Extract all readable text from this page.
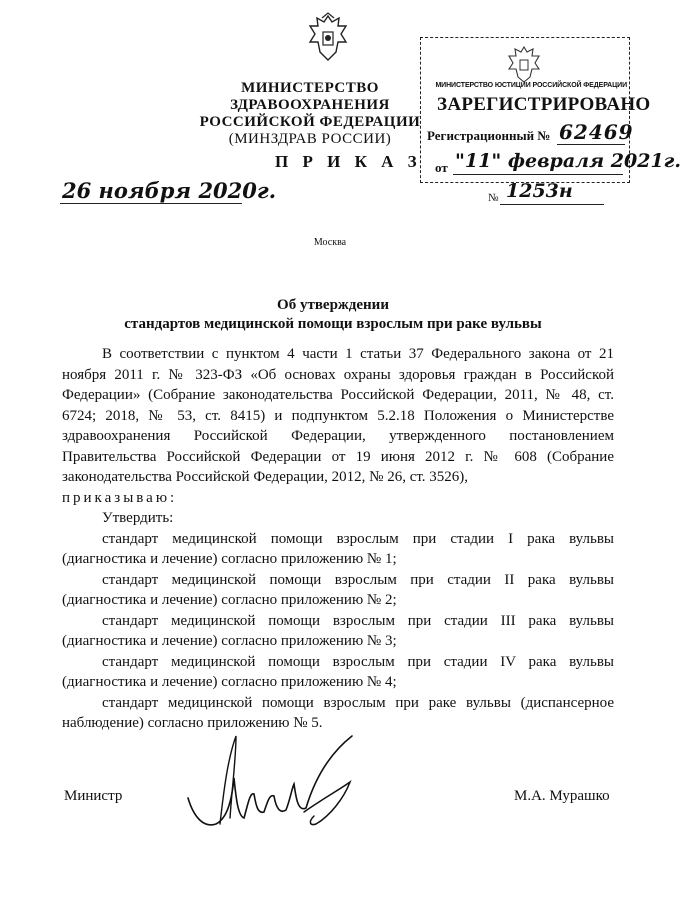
МИНИСТЕРСТВО ЗДРАВООХРАНЕНИЯ
РОССИЙСКОЙ ФЕДЕРАЦИИ
(МИНЗДРАВ РОССИИ)
МИНИСТЕРСТВО ЮСТИЦИИ РОССИЙСКОЙ ФЕДЕРАЦИИ
ЗАРЕГИСТРИРОВАНО
Регистрационный № 62469
от "11" февраля 2021г.
П Р И К А З
26 ноября 2020г.	№ 1253н
Москва
Об утверждении
стандартов медицинской помощи взрослым при раке вульвы

В соответствии с пунктом 4 части 1 статьи 37 Федерального закона от 21 ноября 2011 г. № 323-ФЗ «Об основах охраны здоровья граждан в Российской Федерации» (Собрание законодательства Российской Федерации, 2011, № 48, ст. 6724; 2018, № 53, ст. 8415) и подпунктом 5.2.18 Положения о Министерстве здравоохранения Российской Федерации, утвержденного постановлением Правительства Российской Федерации от 19 июня 2012 г. № 608 (Собрание законодательства Российской Федерации, 2012, № 26, ст. 3526),

приказываю:

Утвердить:

стандарт медицинской помощи взрослым при стадии I рака вульвы (диагностика и лечение) согласно приложению № 1;

стандарт медицинской помощи взрослым при стадии II рака вульвы (диагностика и лечение) согласно приложению № 2;

стандарт медицинской помощи взрослым при стадии III рака вульвы (диагностика и лечение) согласно приложению № 3;

стандарт медицинской помощи взрослым при стадии IV рака вульвы (диагностика и лечение) согласно приложению № 4;

стандарт медицинской помощи взрослым при раке вульвы (диспансерное наблюдение) согласно приложению № 5.

Министр	М.А. Мурашко
